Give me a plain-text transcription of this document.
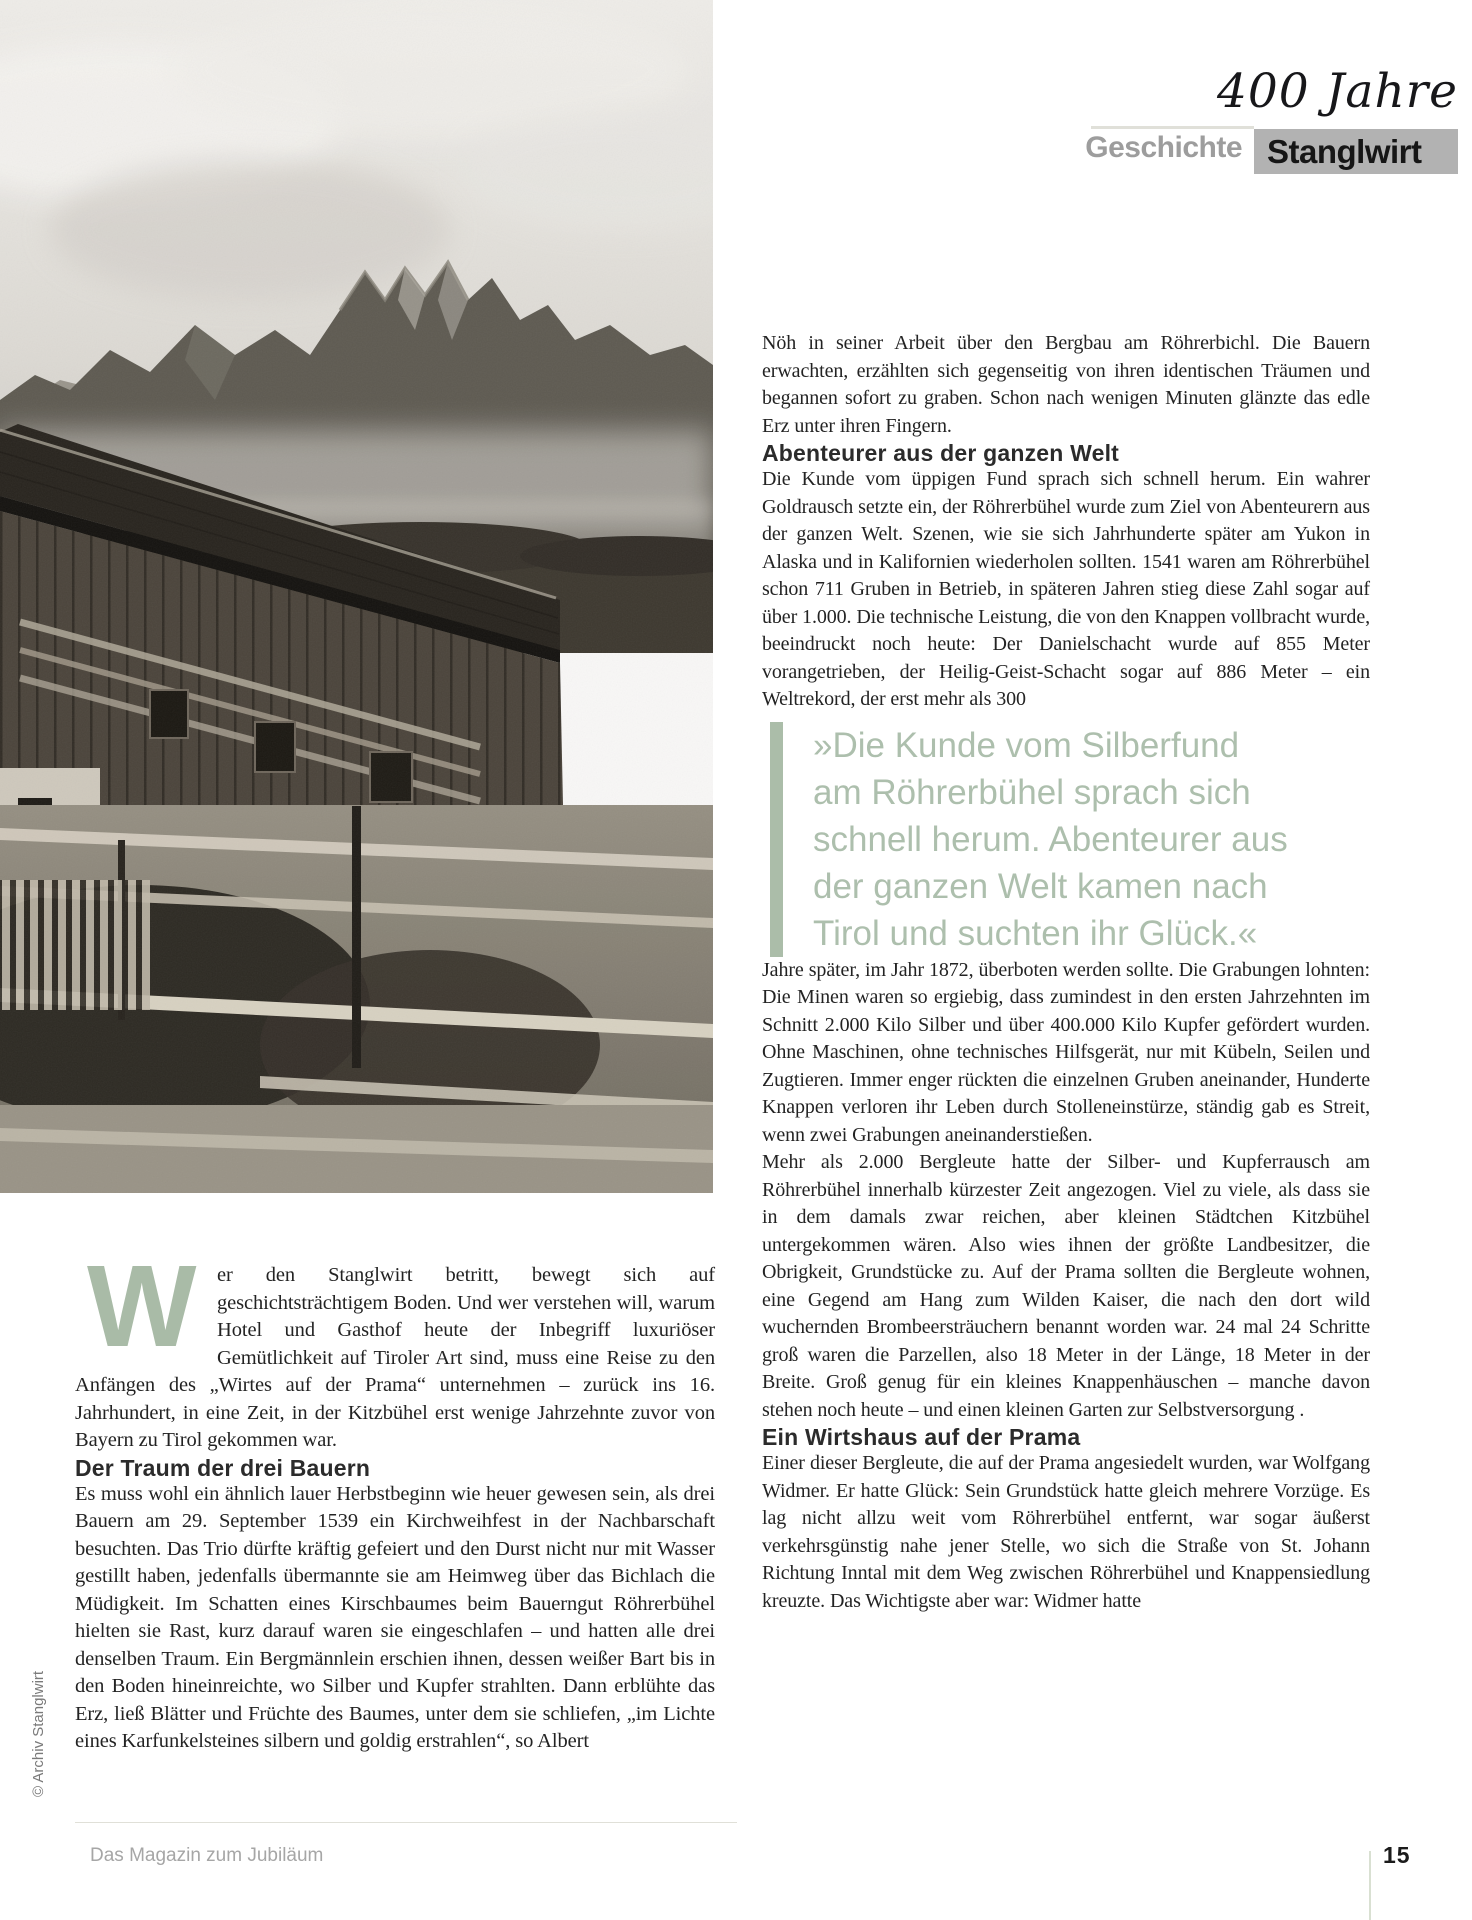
© Archiv Stanglwirt
Geschichte
400 Jahre
Stanglwirt

Nöh in seiner Arbeit über den Bergbau am Röhrerbichl. Die Bauern erwachten, erzählten sich gegenseitig von ihren identischen Träumen und begannen sofort zu graben. Schon nach wenigen Minuten glänzte das edle Erz unter ihren Fingern.

Abenteurer aus der ganzen Welt

Die Kunde vom üppigen Fund sprach sich schnell herum. Ein wahrer Goldrausch setzte ein, der Röhrerbühel wurde zum Ziel von Abenteurern aus der ganzen Welt. Szenen, wie sie sich Jahrhunderte später am Yukon in Alaska und in Kalifornien wiederholen sollten. 1541 waren am Röhrerbühel schon 711 Gruben in Betrieb, in späteren Jahren stieg diese Zahl sogar auf über 1.000. Die technische Leistung, die von den Knappen vollbracht wurde, beeindruckt noch heute: Der Danielschacht wurde auf 855 Meter vorangetrieben, der Heilig-Geist-Schacht sogar auf 886 Meter – ein Weltrekord, der erst mehr als 300

»Die Kunde vom Silberfund am Röhrerbühel sprach sich schnell herum. Abenteurer aus der ganzen Welt kamen nach Tirol und suchten ihr Glück.«

Jahre später, im Jahr 1872, überboten werden sollte. Die Grabungen lohnten: Die Minen waren so ergiebig, dass zumindest in den ersten Jahrzehnten im Schnitt 2.000 Kilo Silber und über 400.000 Kilo Kupfer gefördert wurden. Ohne Maschinen, ohne technisches Hilfsgerät, nur mit Kübeln, Seilen und Zugtieren. Immer enger rückten die einzelnen Gruben aneinander, Hunderte Knappen verloren ihr Leben durch Stolleneinstürze, ständig gab es Streit, wenn zwei Grabungen aneinanderstießen.

Mehr als 2.000 Bergleute hatte der Silber- und Kupferrausch am Röhrerbühel innerhalb kürzester Zeit angezogen. Viel zu viele, als dass sie in dem damals zwar reichen, aber kleinen Städtchen Kitzbühel untergekommen wären. Also wies ihnen der größte Landbesitzer, die Obrigkeit, Grundstücke zu. Auf der Prama sollten die Bergleute wohnen, eine Gegend am Hang zum Wilden Kaiser, die nach den dort wild wuchernden Brombeersträuchern benannt worden war. 24 mal 24 Schritte groß waren die Parzellen, also 18 Meter in der Länge, 18 Meter in der Breite. Groß genug für ein kleines Knappenhäuschen – manche davon stehen noch heute – und einen kleinen Garten zur Selbstversorgung .

Ein Wirtshaus auf der Prama

Einer dieser Bergleute, die auf der Prama angesiedelt wurden, war Wolfgang Widmer. Er hatte Glück: Sein Grundstück hatte gleich mehrere Vorzüge. Es lag nicht allzu weit vom Röhrerbühel entfernt, war sogar äußerst verkehrsgünstig nahe jener Stelle, wo sich die Straße von St. Johann Richtung Inntal mit dem Weg zwischen Röhrerbühel und Knappensiedlung kreuzte. Das Wichtigste aber war: Widmer hatte

W	er den Stanglwirt betritt, bewegt sich auf geschichtsträchtigem Boden. Und wer verstehen will, warum Hotel und Gasthof heute der Inbegriff luxuriöser Gemütlichkeit auf Tiroler Art sind, muss eine Reise zu den Anfängen des „Wirtes auf der Prama“ unternehmen – zurück ins 16. Jahrhundert, in eine Zeit, in der Kitzbühel erst wenige Jahrzehnte zuvor von Bayern zu Tirol gekommen war.

Der Traum der drei Bauern

Es muss wohl ein ähnlich lauer Herbstbeginn wie heuer gewesen sein, als drei Bauern am 29. September 1539 ein Kirchweihfest in der Nachbarschaft besuchten. Das Trio dürfte kräftig gefeiert und den Durst nicht nur mit Wasser gestillt haben, jedenfalls übermannte sie am Heimweg über das Bichlach die Müdigkeit. Im Schatten eines Kirschbaumes beim Bauerngut Röhrerbühel hielten sie Rast, kurz darauf waren sie eingeschlafen – und hatten alle drei denselben Traum. Ein Bergmännlein erschien ihnen, dessen weißer Bart bis in den Boden hineinreichte, wo Silber und Kupfer strahlten. Dann erblühte das Erz, ließ Blätter und Früchte des Baumes, unter dem sie schliefen, „im Lichte eines Karfunkelsteines silbern und goldig erstrahlen“, so Albert

Das Magazin zum Jubiläum	15
